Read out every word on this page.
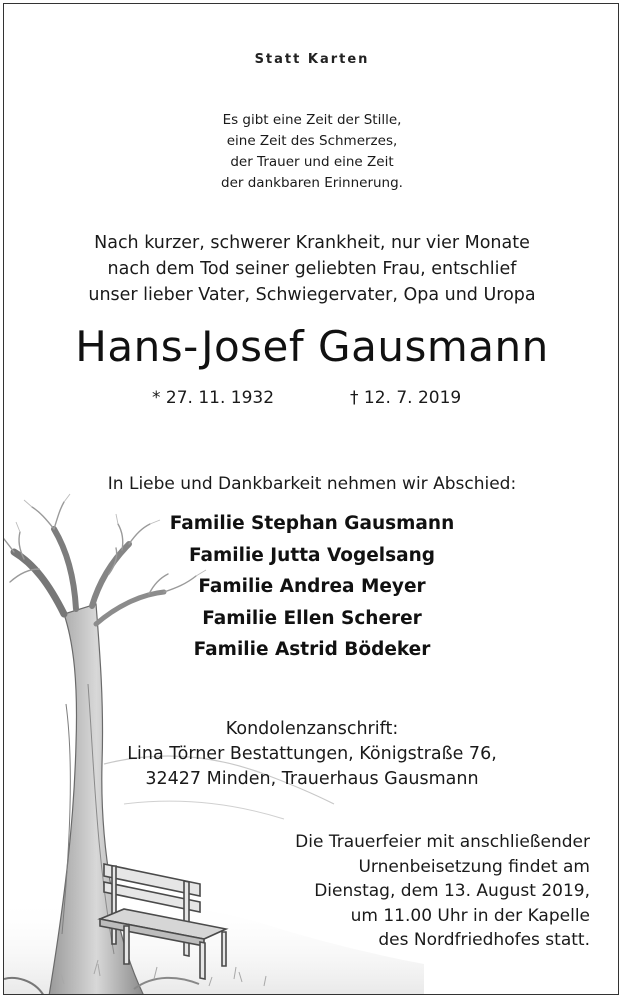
Statt Karten
Es gibt eine Zeit der Stille,
eine Zeit des Schmerzes,
der Trauer und eine Zeit
der dankbaren Erinnerung.
Nach kurzer, schwerer Krankheit, nur vier Monate
nach dem Tod seiner geliebten Frau, entschlief
unser lieber Vater, Schwiegervater, Opa und Uropa
Hans-Josef Gausmann
* 27. 11. 1932	† 12. 7. 2019
In Liebe und Dankbarkeit nehmen wir Abschied:
Familie Stephan Gausmann
Familie Jutta Vogelsang
Familie Andrea Meyer
Familie Ellen Scherer
Familie Astrid Bödeker
Kondolenzanschrift:
Lina Törner Bestattungen, Königstraße 76,
32427 Minden, Trauerhaus Gausmann
Die Trauerfeier mit anschließender
Urnenbeisetzung findet am
Dienstag, dem 13. August 2019,
um 11.00 Uhr in der Kapelle
des Nordfriedhofes statt.
